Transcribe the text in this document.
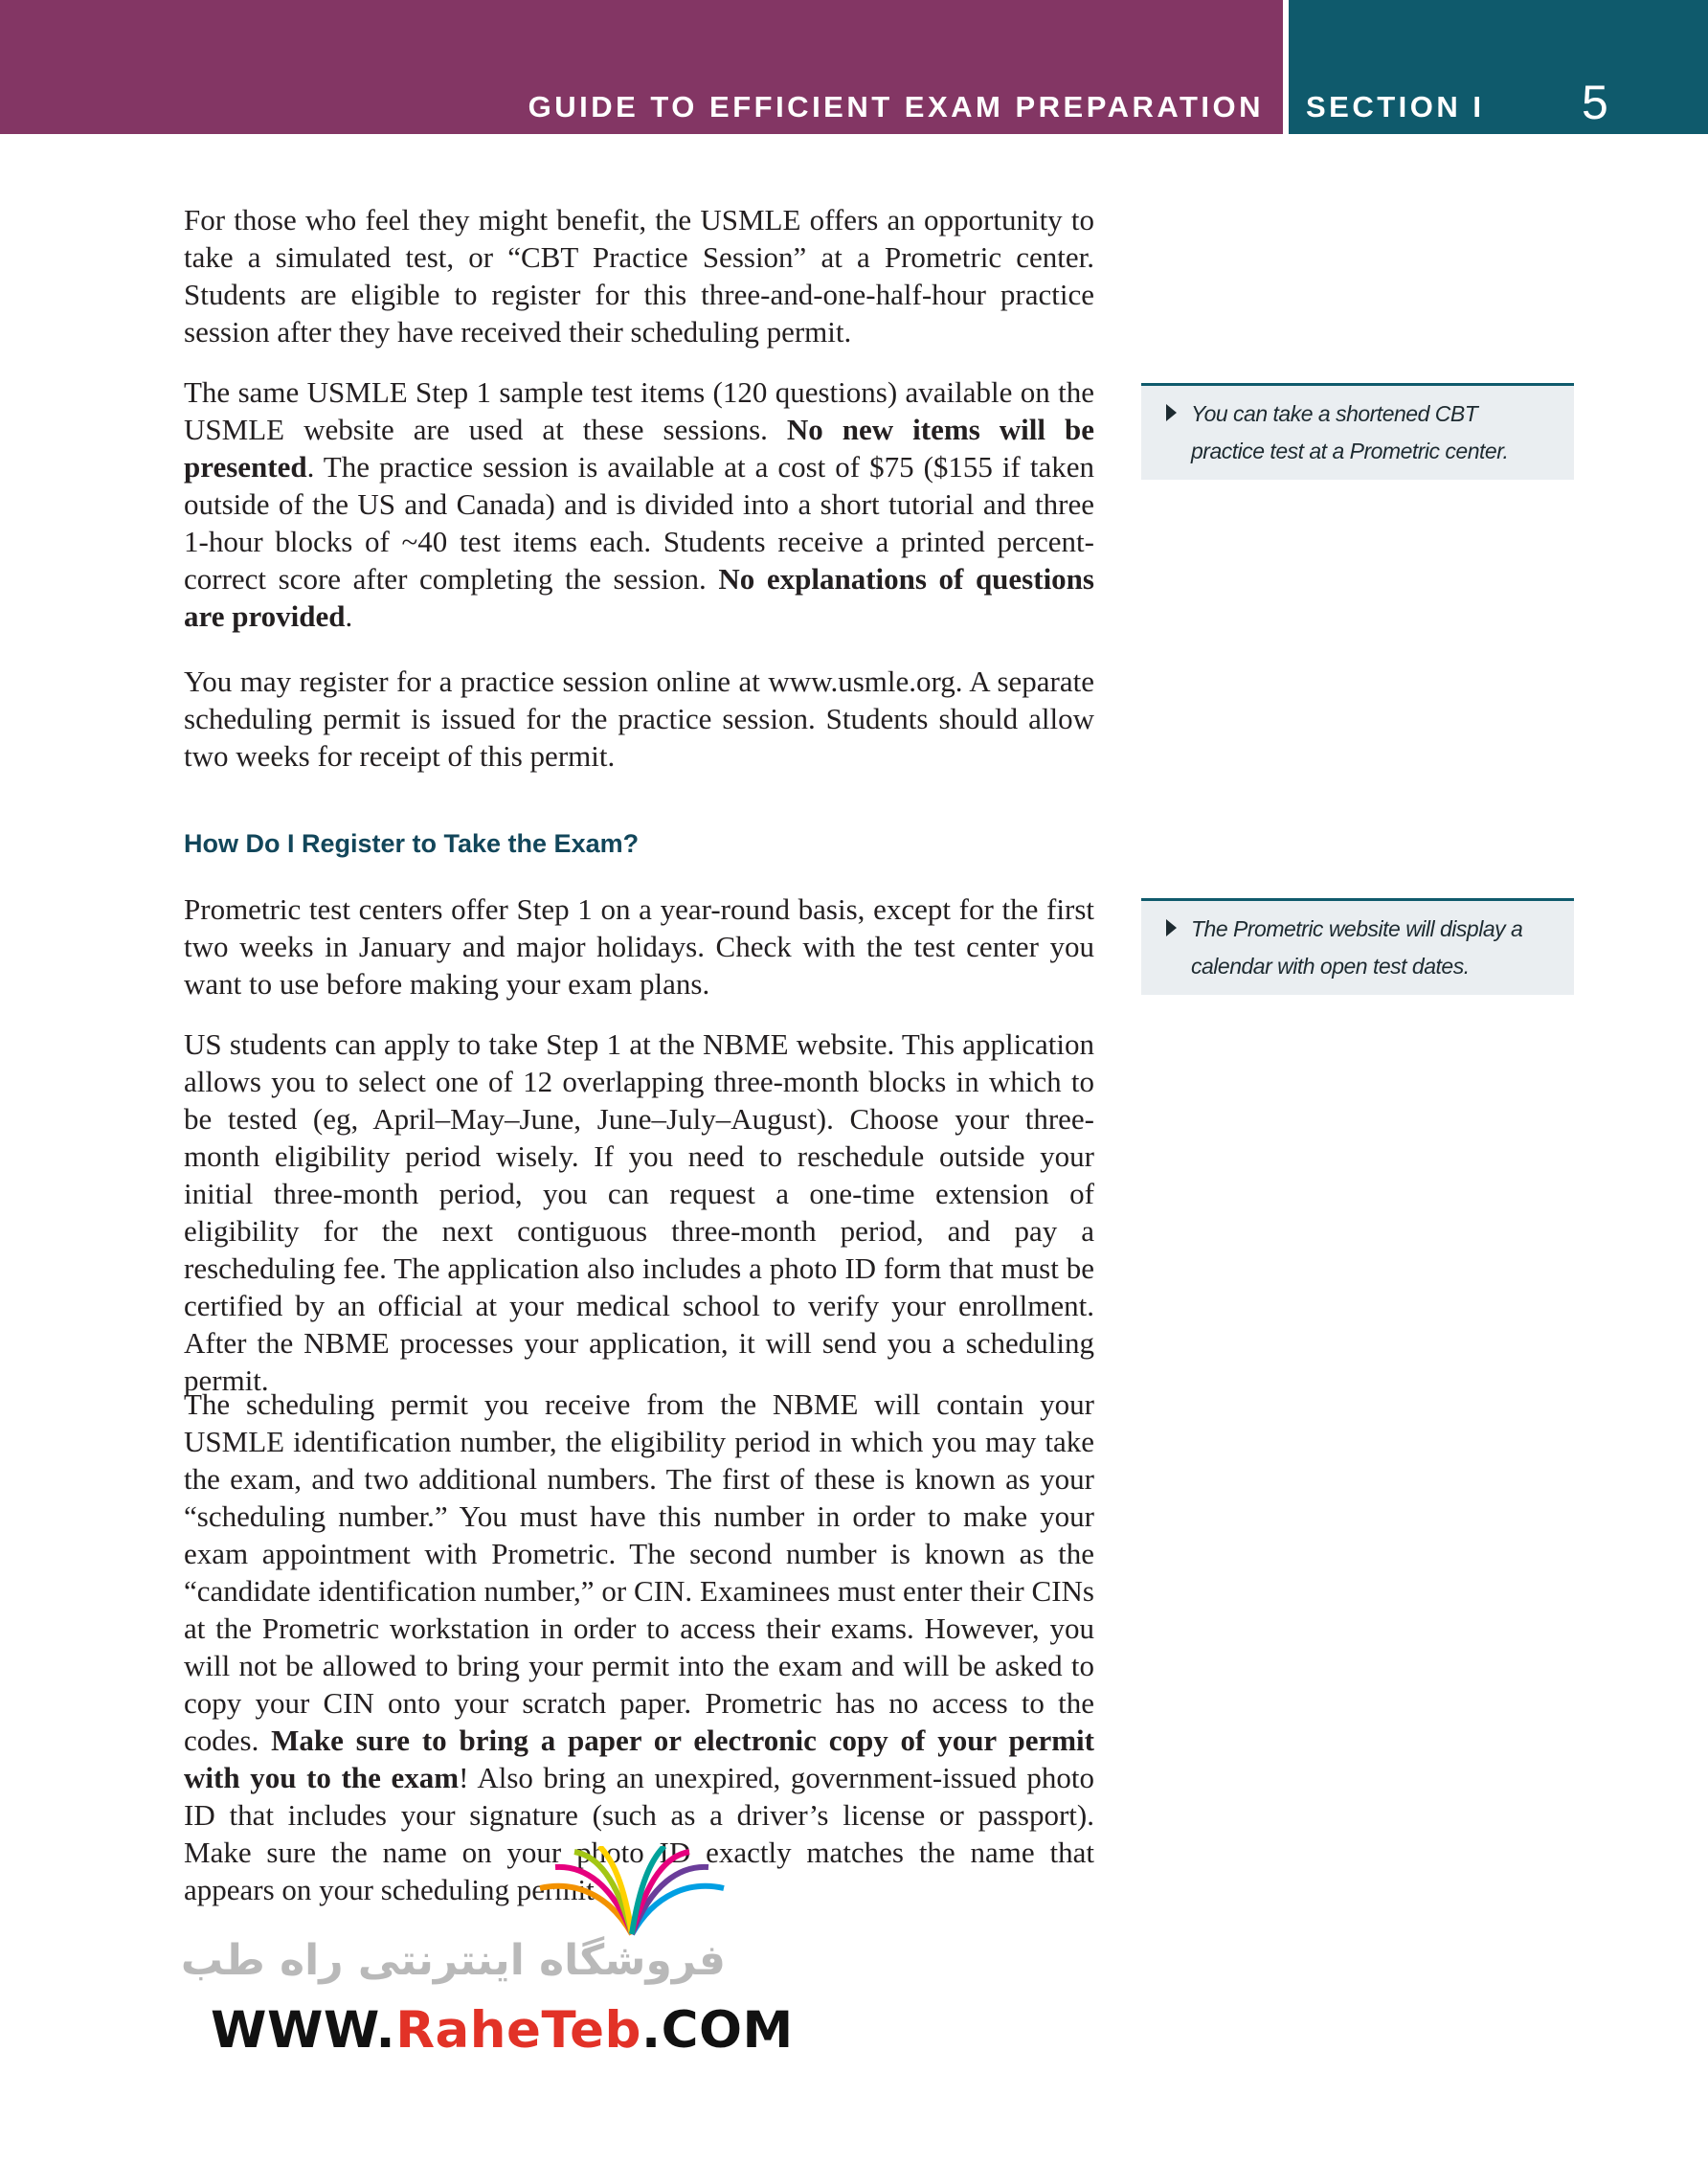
GUIDE TO EFFICIENT EXAM PREPARATION SECTION I 5

For those who feel they might benefit, the USMLE offers an opportunity to take a simulated test, or “CBT Practice Session” at a Prometric center. Students are eligible to register for this three-and-one-half-hour practice session after they have received their scheduling permit.

The same USMLE Step 1 sample test items (120 questions) available on the USMLE website are used at these sessions. No new items will be presented. The practice session is available at a cost of $75 ($155 if taken outside of the US and Canada) and is divided into a short tutorial and three 1-hour blocks of ~40 test items each. Students receive a printed percent-correct score after completing the session. No explanations of questions are provided.

You may register for a practice session online at www.usmle.org. A separate scheduling permit is issued for the practice session. Students should allow two weeks for receipt of this permit.

How Do I Register to Take the Exam?

Prometric test centers offer Step 1 on a year-round basis, except for the first two weeks in January and major holidays. Check with the test center you want to use before making your exam plans.

US students can apply to take Step 1 at the NBME website. This application allows you to select one of 12 overlapping three-month blocks in which to be tested (eg, April–May–June, June–July–August). Choose your three-month eligibility period wisely. If you need to reschedule outside your initial three-month period, you can request a one-time extension of eligibility for the next contiguous three-month period, and pay a rescheduling fee. The application also includes a photo ID form that must be certified by an official at your medical school to verify your enrollment. After the NBME processes your application, it will send you a scheduling permit.

The scheduling permit you receive from the NBME will contain your USMLE identification number, the eligibility period in which you may take the exam, and two additional numbers. The first of these is known as your “scheduling number.” You must have this number in order to make your exam appointment with Prometric. The second number is known as the “candidate identification number,” or CIN. Examinees must enter their CINs at the Prometric workstation in order to access their exams. However, you will not be allowed to bring your permit into the exam and will be asked to copy your CIN onto your scratch paper. Prometric has no access to the codes. Make sure to bring a paper or electronic copy of your permit with you to the exam! Also bring an unexpired, government-issued photo ID that includes your signature (such as a driver’s license or passport). Make sure the name on your photo ID exactly matches the name that appears on your scheduling permit.

You can take a shortened CBT practice test at a Prometric center.
The Prometric website will display a calendar with open test dates.
فروشگاه اینترنتی راه طب
WWW.RaheTeb.COM
